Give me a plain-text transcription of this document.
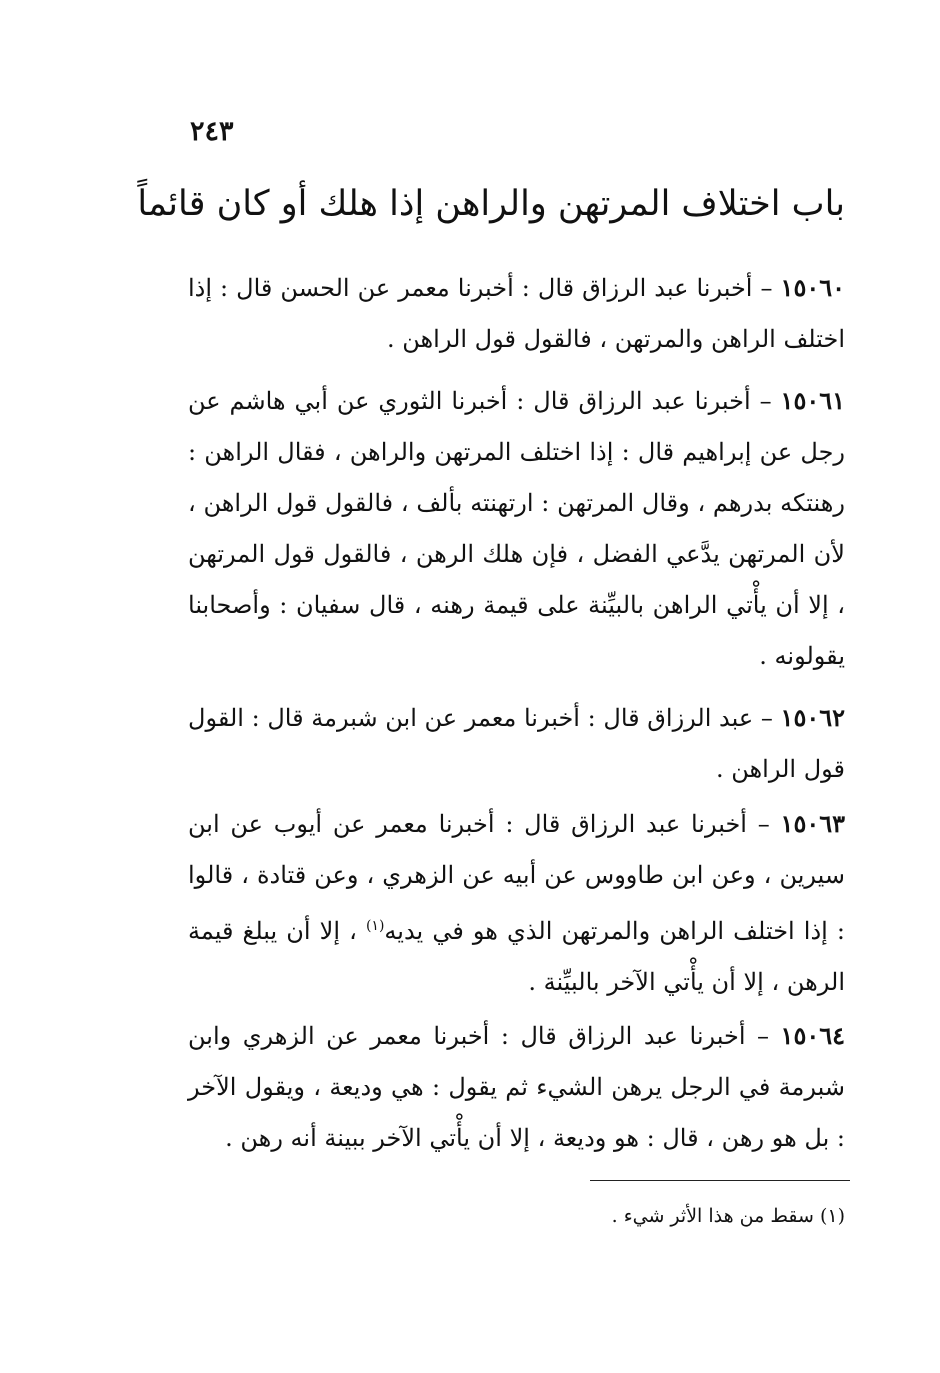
٢٤٣
باب اختلاف المرتهن والراهن إذا هلك أو كان قائماً
١٥٠٦٠ – أخبرنا عبد الرزاق قال : أخبرنا معمر عن الحسن قال : إذا اختلف الراهن والمرتهن ، فالقول قول الراهن .
١٥٠٦١ – أخبرنا عبد الرزاق قال : أخبرنا الثوري عن أبي هاشم عن رجل عن إبراهيم قال : إذا اختلف المرتهن والراهن ، فقال الراهن : رهنتكه بدرهم ، وقال المرتهن : ارتهنته بألف ، فالقول قول الراهن ، لأن المرتهن يدَّعي الفضل ، فإن هلك الرهن ، فالقول قول المرتهن ، إلا أن يأْتي الراهن بالبيِّنة على قيمة رهنه ، قال سفيان : وأصحابنا يقولونه .
١٥٠٦٢ – عبد الرزاق قال : أخبرنا معمر عن ابن شبرمة قال : القول قول الراهن .
١٥٠٦٣ – أخبرنا عبد الرزاق قال : أخبرنا معمر عن أيوب عن ابن سيرين ، وعن ابن طاووس عن أبيه عن الزهري ، وعن قتادة ، قالوا : إذا اختلف الراهن والمرتهن الذي هو في يديه$^{(١)}$ ، إلا أن يبلغ قيمة الرهن ، إلا أن يأْتي الآخر بالبيِّنة .
١٥٠٦٤ – أخبرنا عبد الرزاق قال : أخبرنا معمر عن الزهري وابن شبرمة في الرجل يرهن الشيء ثم يقول : هي وديعة ، ويقول الآخر : بل هو رهن ، قال : هو وديعة ، إلا أن يأْتي الآخر ببينة أنه رهن .
(١) سقط من هذا الأثر شيء .
